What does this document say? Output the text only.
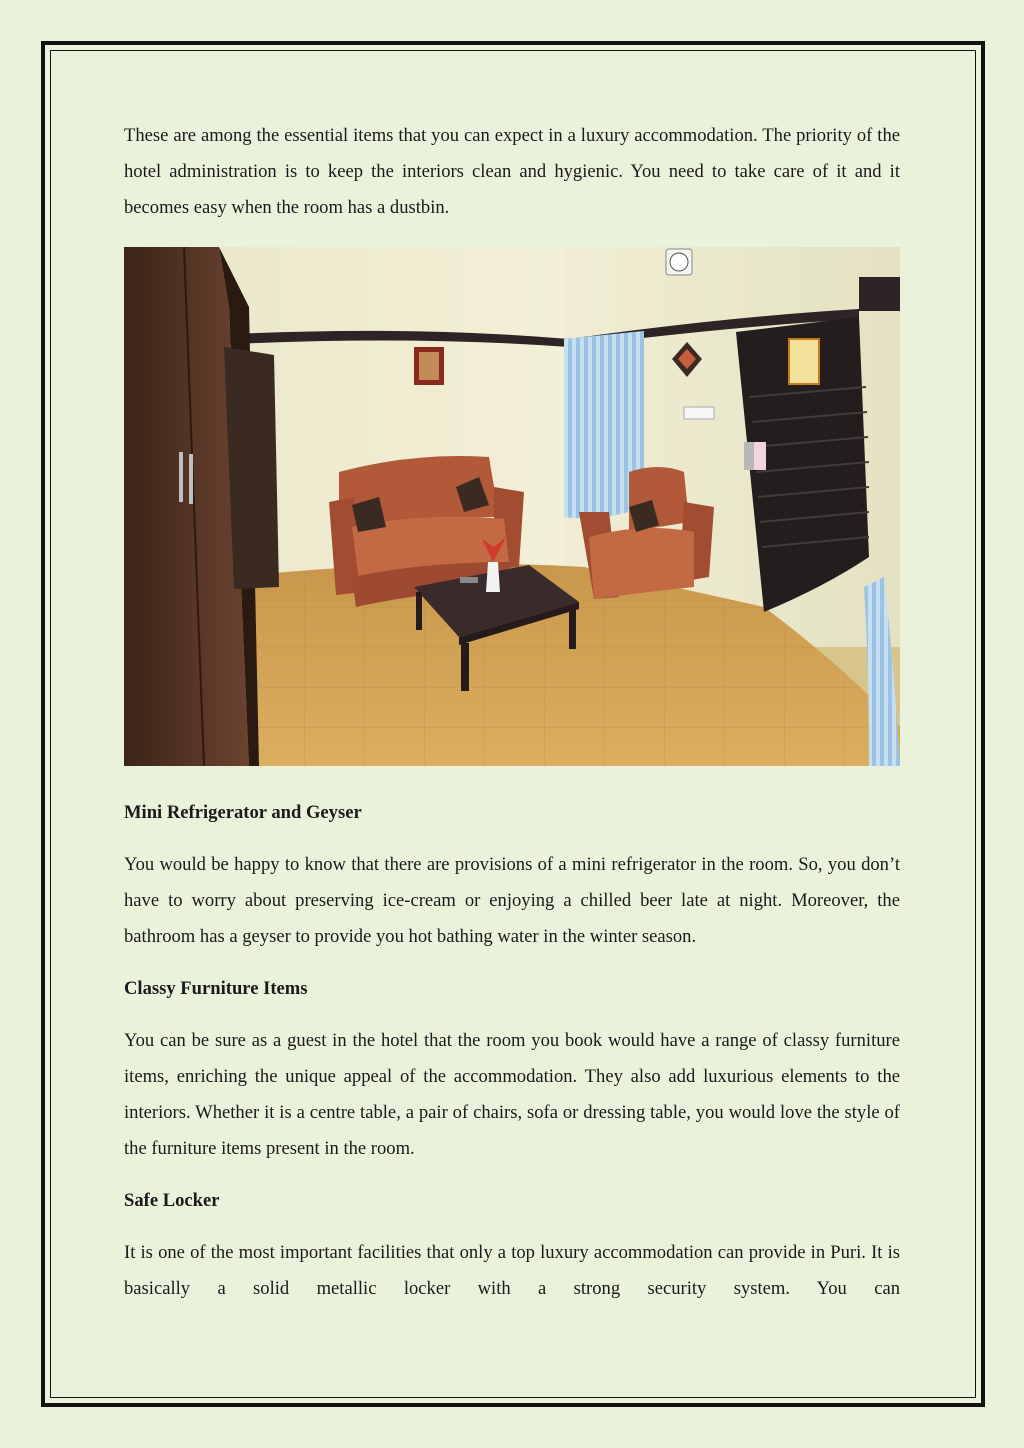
These are among the essential items that you can expect in a luxury accommodation. The priority of the hotel administration is to keep the interiors clean and hygienic. You need to take care of it and it becomes easy when the room has a dustbin.

Mini Refrigerator and Geyser

You would be happy to know that there are provisions of a mini refrigerator in the room. So, you don’t have to worry about preserving ice-cream or enjoying a chilled beer late at night. Moreover, the bathroom has a geyser to provide you hot bathing water in the winter season.

Classy Furniture Items

You can be sure as a guest in the hotel that the room you book would have a range of classy furniture items, enriching the unique appeal of the accommodation. They also add luxurious elements to the interiors. Whether it is a centre table, a pair of chairs, sofa or dressing table, you would love the style of the furniture items present in the room.

Safe Locker

It is one of the most important facilities that only a top luxury accommodation can provide in Puri. It is basically a solid metallic locker with a strong security system. You can
